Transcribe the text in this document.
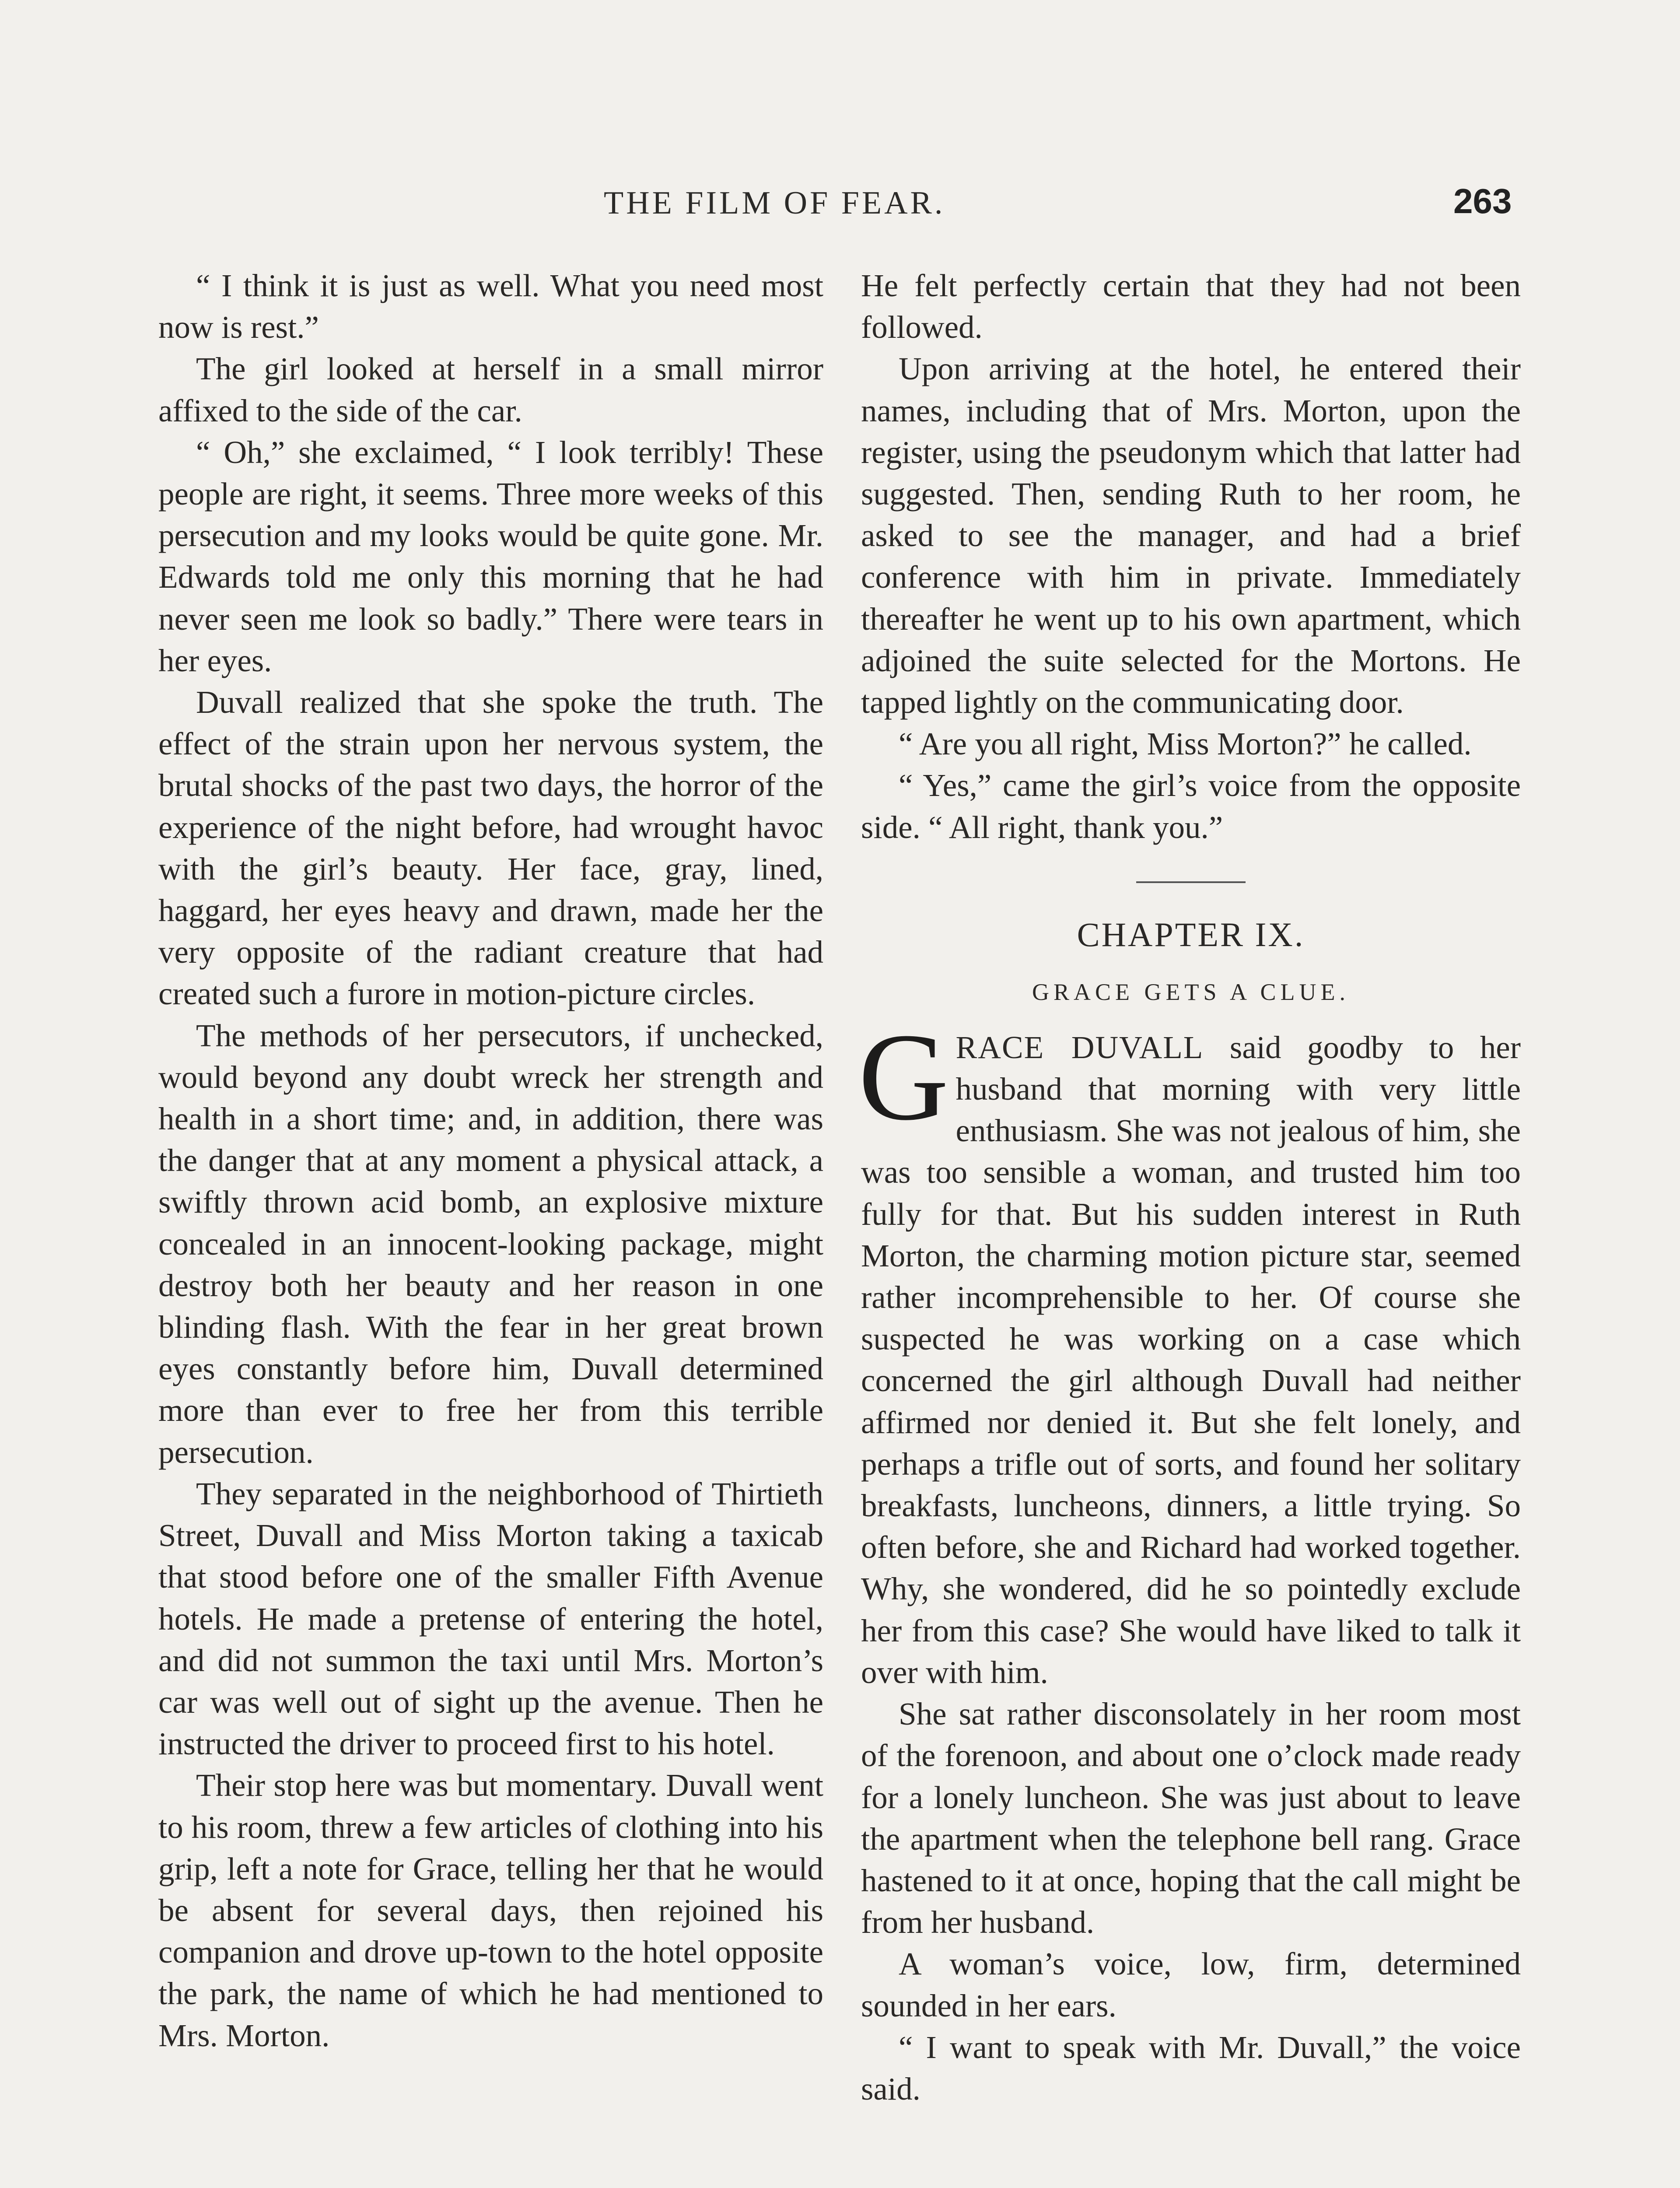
THE FILM OF FEAR.	263

“ I think it is just as well. What you need most now is rest.”

The girl looked at herself in a small mirror affixed to the side of the car.

“ Oh,” she exclaimed, “ I look terribly! These people are right, it seems. Three more weeks of this persecution and my looks would be quite gone. Mr. Edwards told me only this morning that he had never seen me look so badly.” There were tears in her eyes.

Duvall realized that she spoke the truth. The effect of the strain upon her nervous system, the brutal shocks of the past two days, the horror of the experience of the night before, had wrought havoc with the girl’s beauty. Her face, gray, lined, haggard, her eyes heavy and drawn, made her the very opposite of the radiant creature that had created such a furore in motion-picture circles.

The methods of her persecutors, if unchecked, would beyond any doubt wreck her strength and health in a short time; and, in addition, there was the danger that at any moment a physical attack, a swiftly thrown acid bomb, an explosive mixture concealed in an innocent-looking package, might destroy both her beauty and her reason in one blinding flash. With the fear in her great brown eyes constantly before him, Duvall determined more than ever to free her from this terrible persecution.

They separated in the neighborhood of Thirtieth Street, Duvall and Miss Morton taking a taxicab that stood before one of the smaller Fifth Avenue hotels. He made a pretense of entering the hotel, and did not summon the taxi until Mrs. Morton’s car was well out of sight up the avenue. Then he instructed the driver to proceed first to his hotel.

Their stop here was but momentary. Duvall went to his room, threw a few articles of clothing into his grip, left a note for Grace, telling her that he would be absent for several days, then rejoined his companion and drove up-town to the hotel opposite the park, the name of which he had mentioned to Mrs. Morton.

He felt perfectly certain that they had not been followed.

Upon arriving at the hotel, he entered their names, including that of Mrs. Morton, upon the register, using the pseudonym which that latter had suggested. Then, sending Ruth to her room, he asked to see the manager, and had a brief conference with him in private. Immediately thereafter he went up to his own apartment, which adjoined the suite selected for the Mortons. He tapped lightly on the communicating door.

“ Are you all right, Miss Morton?” he called.

“ Yes,” came the girl’s voice from the opposite side. “ All right, thank you.”

CHAPTER IX.
GRACE GETS A CLUE.

GRACE DUVALL said goodby to her husband that morning with very little enthusiasm. She was not jealous of him, she was too sensible a woman, and trusted him too fully for that. But his sudden interest in Ruth Morton, the charming motion picture star, seemed rather incomprehensible to her. Of course she suspected he was working on a case which concerned the girl although Duvall had neither affirmed nor denied it. But she felt lonely, and perhaps a trifle out of sorts, and found her solitary breakfasts, luncheons, dinners, a little trying. So often before, she and Richard had worked together. Why, she wondered, did he so pointedly exclude her from this case? She would have liked to talk it over with him.

She sat rather disconsolately in her room most of the forenoon, and about one o’clock made ready for a lonely luncheon. She was just about to leave the apartment when the telephone bell rang. Grace hastened to it at once, hoping that the call might be from her husband.

A woman’s voice, low, firm, determined sounded in her ears.

“ I want to speak with Mr. Duvall,” the voice said.
